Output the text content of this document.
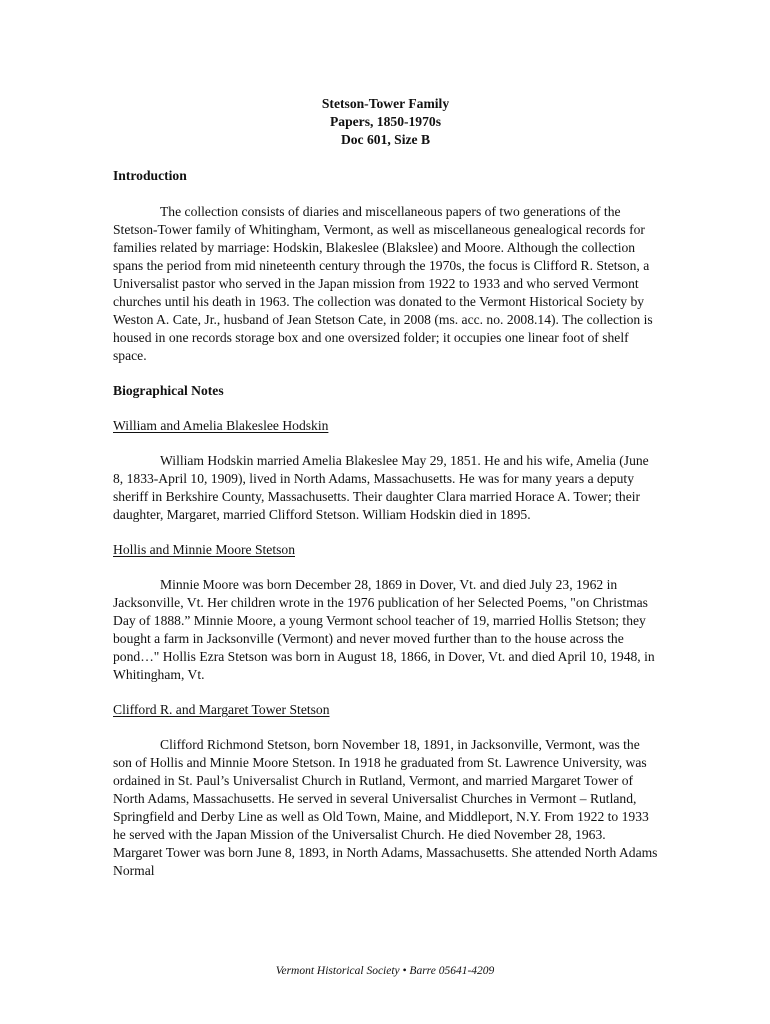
Stetson-Tower Family
Papers, 1850-1970s
Doc 601, Size B
Introduction

The collection consists of diaries and miscellaneous papers of two generations of the Stetson-Tower family of Whitingham, Vermont, as well as miscellaneous genealogical records for families related by marriage: Hodskin, Blakeslee (Blakslee) and Moore. Although the collection spans the period from mid nineteenth century through the 1970s, the focus is Clifford R. Stetson, a Universalist pastor who served in the Japan mission from 1922 to 1933 and who served Vermont churches until his death in 1963. The collection was donated to the Vermont Historical Society by Weston A. Cate, Jr., husband of Jean Stetson Cate, in 2008 (ms. acc. no. 2008.14). The collection is housed in one records storage box and one oversized folder; it occupies one linear foot of shelf space.

Biographical Notes
William and Amelia Blakeslee Hodskin

William Hodskin married Amelia Blakeslee May 29, 1851. He and his wife, Amelia (June 8, 1833-April 10, 1909), lived in North Adams, Massachusetts. He was for many years a deputy sheriff in Berkshire County, Massachusetts. Their daughter Clara married Horace A. Tower; their daughter, Margaret, married Clifford Stetson. William Hodskin died in 1895.

Hollis and Minnie Moore Stetson

Minnie Moore was born December 28, 1869 in Dover, Vt. and died July 23, 1962 in Jacksonville, Vt. Her children wrote in the 1976 publication of her Selected Poems, "on Christmas Day of 1888.” Minnie Moore, a young Vermont school teacher of 19, married Hollis Stetson; they bought a farm in Jacksonville (Vermont) and never moved further than to the house across the pond…" Hollis Ezra Stetson was born in August 18, 1866, in Dover, Vt. and died April 10, 1948, in Whitingham, Vt.

Clifford R. and Margaret Tower Stetson

Clifford Richmond Stetson, born November 18, 1891, in Jacksonville, Vermont, was the son of Hollis and Minnie Moore Stetson. In 1918 he graduated from St. Lawrence University, was ordained in St. Paul’s Universalist Church in Rutland, Vermont, and married Margaret Tower of North Adams, Massachusetts. He served in several Universalist Churches in Vermont – Rutland, Springfield and Derby Line as well as Old Town, Maine, and Middleport, N.Y. From 1922 to 1933 he served with the Japan Mission of the Universalist Church. He died November 28, 1963. Margaret Tower was born June 8, 1893, in North Adams, Massachusetts. She attended North Adams Normal

Vermont Historical Society • Barre 05641-4209
